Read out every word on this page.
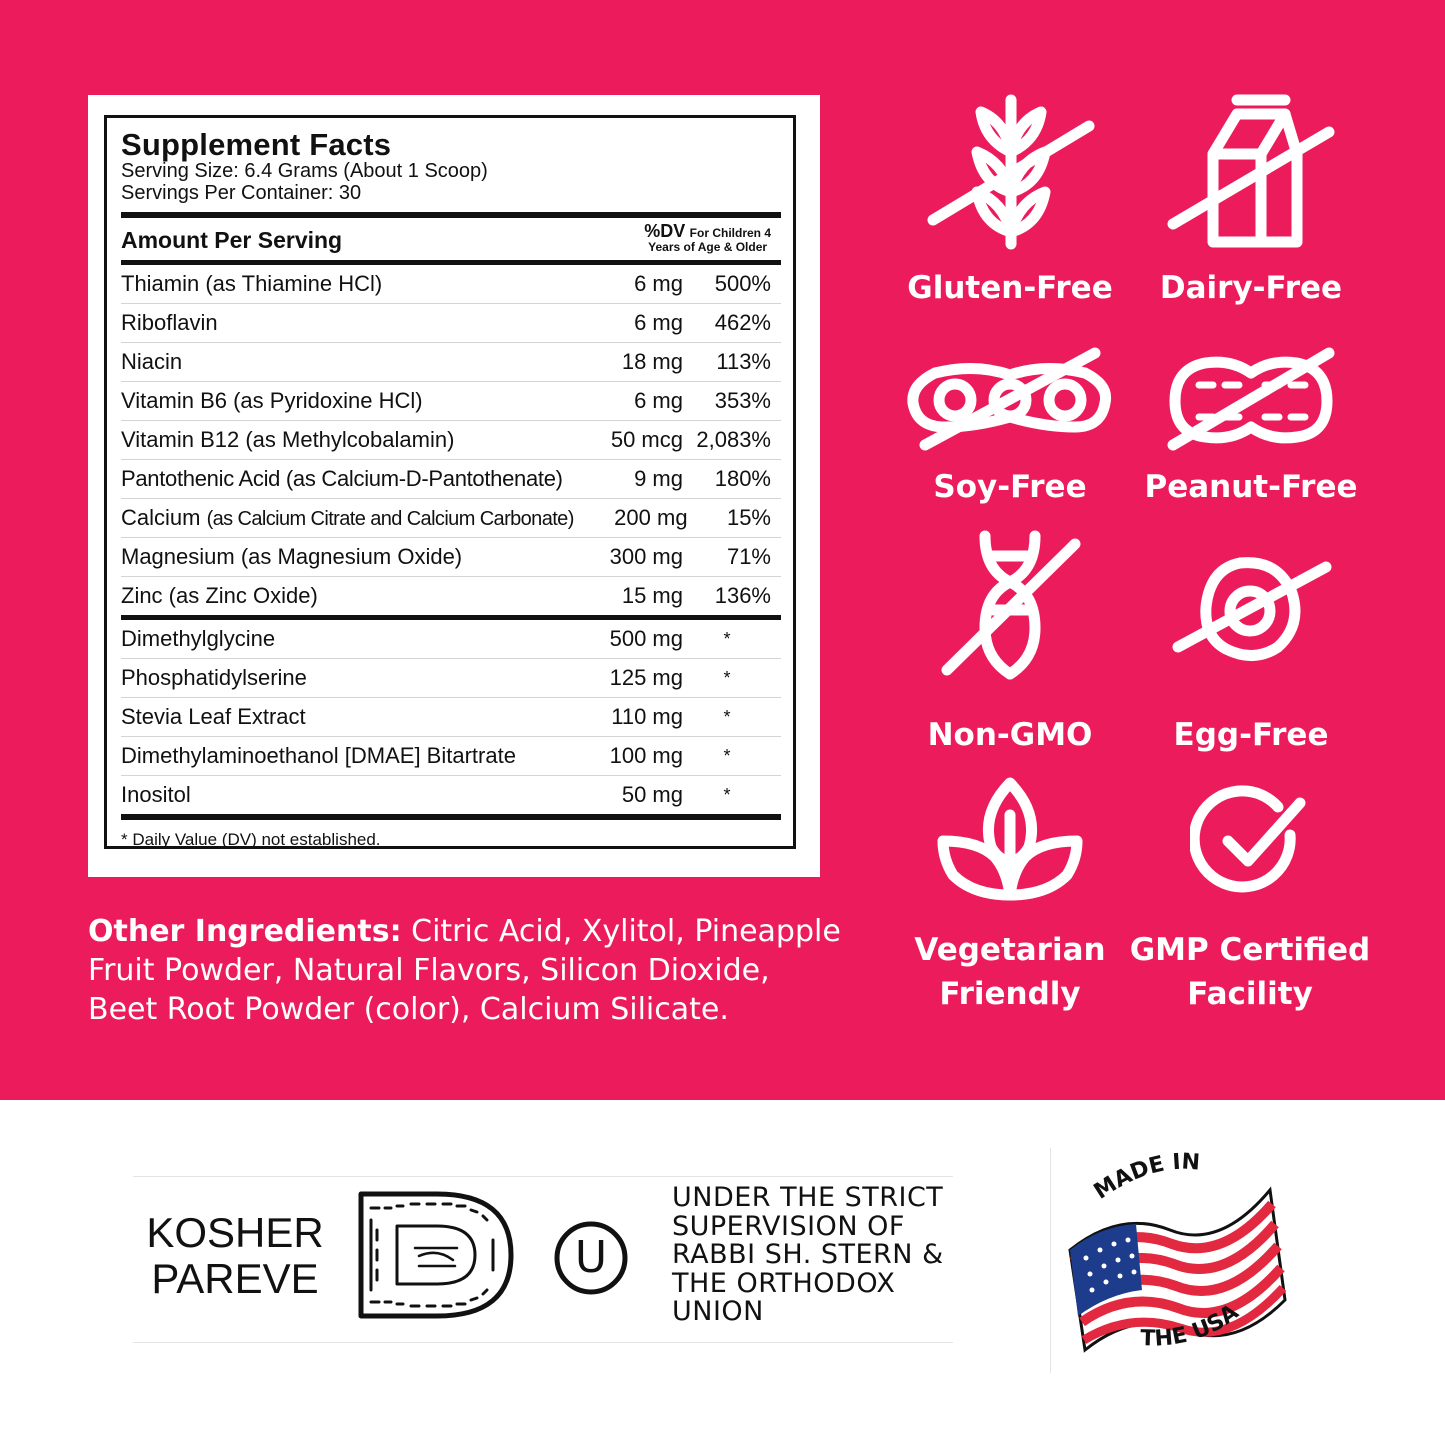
Supplement Facts
Serving Size: 6.4 Grams (About 1 Scoop)
Servings Per Container: 30
Amount Per Serving	%DV For Children 4
Years of Age & Older
Thiamin (as Thiamine HCl)	6 mg	500%
Riboflavin	6 mg	462%
Niacin	18 mg	113%
Vitamin B6 (as Pyridoxine HCl)	6 mg	353%
Vitamin B12 (as Methylcobalamin)	50 mcg 2,083%
Pantothenic Acid (as Calcium-D-Pantothenate)	9 mg	180%
Calcium (as Calcium Citrate and Calcium Carbonate)	200 mg	15%
Magnesium (as Magnesium Oxide)	300 mg	71%
Zinc (as Zinc Oxide)	15 mg	136%
Dimethylglycine	500 mg	*
Phosphatidylserine	125 mg	*
Stevia Leaf Extract	110 mg	*
Dimethylaminoethanol [DMAE] Bitartrate	100 mg	*
Inositol	50 mg	*
* Daily Value (DV) not established.
Other Ingredients: Citric Acid, Xylitol, Pineapple Fruit Powder, Natural Flavors, Silicon Dioxide, Beet Root Powder (color), Calcium Silicate.
Gluten-Free	Dairy-Free
Soy-Free	Peanut-Free
Non-GMO	Egg-Free
Vegetarian
Friendly
GMP Certified
Facility
KOSHER
PAREVE	U
UNDER THE STRICT
SUPERVISION OF
RABBI SH. STERN &
THE ORTHODOX
UNION
MADE IN
THE USA
